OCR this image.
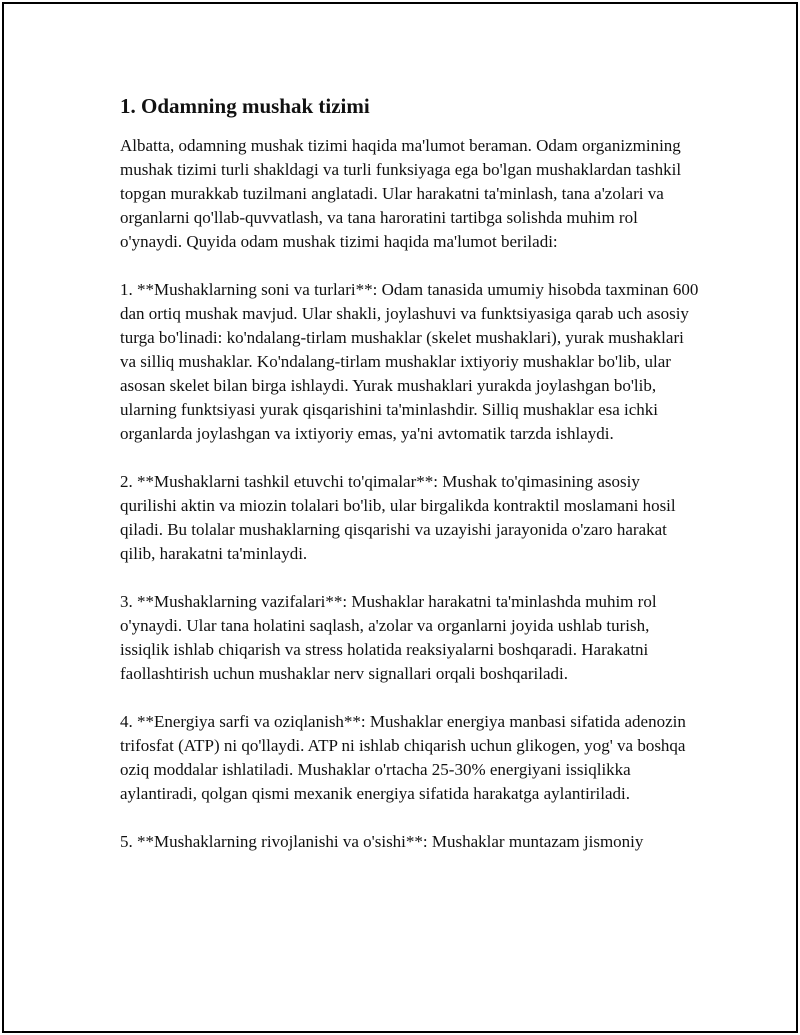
1. Odamning mushak tizimi

Albatta, odamning mushak tizimi haqida ma'lumot beraman. Odam organizmining mushak tizimi turli shakldagi va turli funksiyaga ega bo'lgan mushaklardan tashkil topgan murakkab tuzilmani anglatadi. Ular harakatni ta'minlash, tana a'zolari va organlarni qo'llab-quvvatlash, va tana haroratini tartibga solishda muhim rol o'ynaydi. Quyida odam mushak tizimi haqida ma'lumot beriladi:

1. **Mushaklarning soni va turlari**: Odam tanasida umumiy hisobda taxminan 600 dan ortiq mushak mavjud. Ular shakli, joylashuvi va funktsiyasiga qarab uch asosiy turga bo'linadi: ko'ndalang-tirlam mushaklar (skelet mushaklari), yurak mushaklari va silliq mushaklar. Ko'ndalang-tirlam mushaklar ixtiyoriy mushaklar bo'lib, ular asosan skelet bilan birga ishlaydi. Yurak mushaklari yurakda joylashgan bo'lib, ularning funktsiyasi yurak qisqarishini ta'minlashdir. Silliq mushaklar esa ichki organlarda joylashgan va ixtiyoriy emas, ya'ni avtomatik tarzda ishlaydi.

2. **Mushaklarni tashkil etuvchi to'qimalar**: Mushak to'qimasining asosiy qurilishi aktin va miozin tolalari bo'lib, ular birgalikda kontraktil moslamani hosil qiladi. Bu tolalar mushaklarning qisqarishi va uzayishi jarayonida o'zaro harakat qilib, harakatni ta'minlaydi.

3. **Mushaklarning vazifalari**: Mushaklar harakatni ta'minlashda muhim rol o'ynaydi. Ular tana holatini saqlash, a'zolar va organlarni joyida ushlab turish, issiqlik ishlab chiqarish va stress holatida reaksiyalarni boshqaradi. Harakatni faollashtirish uchun mushaklar nerv signallari orqali boshqariladi.

4. **Energiya sarfi va oziqlanish**: Mushaklar energiya manbasi sifatida adenozin trifosfat (ATP) ni qo'llaydi. ATP ni ishlab chiqarish uchun glikogen, yog' va boshqa oziq moddalar ishlatiladi. Mushaklar o'rtacha 25-30% energiyani issiqlikka aylantiradi, qolgan qismi mexanik energiya sifatida harakatga aylantiriladi.

5. **Mushaklarning rivojlanishi va o'sishi**: Mushaklar muntazam jismoniy
